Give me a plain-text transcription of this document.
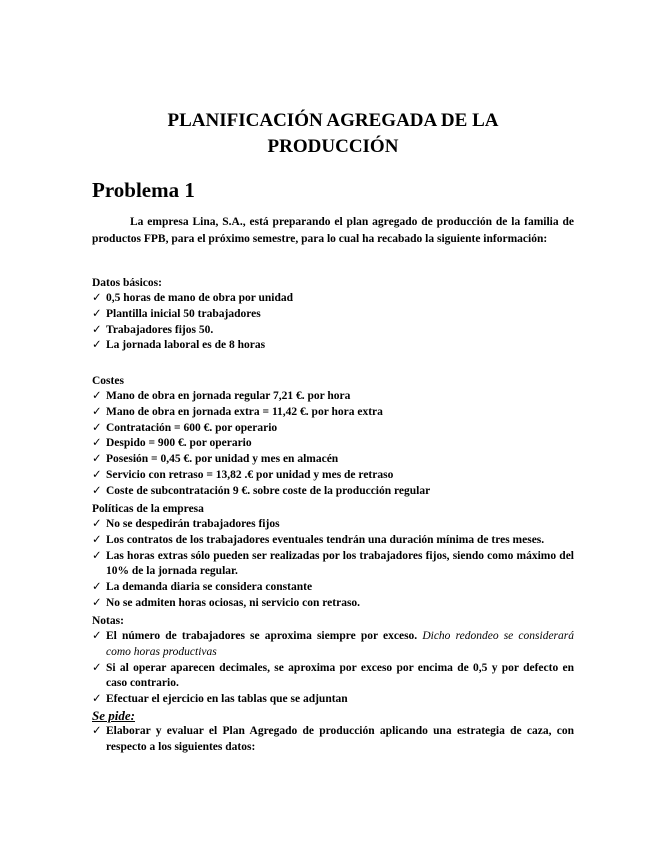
PLANIFICACIÓN AGREGADA DE LA
PRODUCCIÓN
Problema 1
La empresa Lina, S.A., está preparando el plan agregado de producción de la familia de productos FPB, para el próximo semestre, para lo cual ha recabado la siguiente información:
Datos básicos:
✓ 0,5 horas de mano de obra por unidad
✓ Plantilla inicial 50 trabajadores
✓ Trabajadores fijos 50.
✓ La jornada laboral es de 8 horas
Costes
✓ Mano de obra en jornada regular 7,21 €. por hora
✓ Mano de obra en jornada extra = 11,42 €. por hora extra
✓ Contratación = 600 €. por operario
✓ Despido = 900 €. por operario
✓ Posesión = 0,45 €. por unidad y mes en almacén
✓ Servicio con retraso = 13,82 .€ por unidad y mes de retraso
✓ Coste de subcontratación 9 €. sobre coste de la producción regular
Políticas de la empresa
✓ No se despedirán trabajadores fijos
✓ Los contratos de los trabajadores eventuales tendrán una duración mínima de tres meses.
✓ Las horas extras sólo pueden ser realizadas por los trabajadores fijos, siendo como máximo del 10% de la jornada regular.
✓ La demanda diaria se considera constante
✓ No se admiten horas ociosas, ni servicio con retraso.
Notas:
✓ El número de trabajadores se aproxima siempre por exceso. Dicho redondeo se considerará como horas productivas
✓ Si al operar aparecen decimales, se aproxima por exceso por encima de 0,5 y por defecto en caso contrario.
✓ Efectuar el ejercicio en las tablas que se adjuntan
Se pide:
✓ Elaborar y evaluar el Plan Agregado de producción aplicando una estrategia de caza, con respecto a los siguientes datos:
